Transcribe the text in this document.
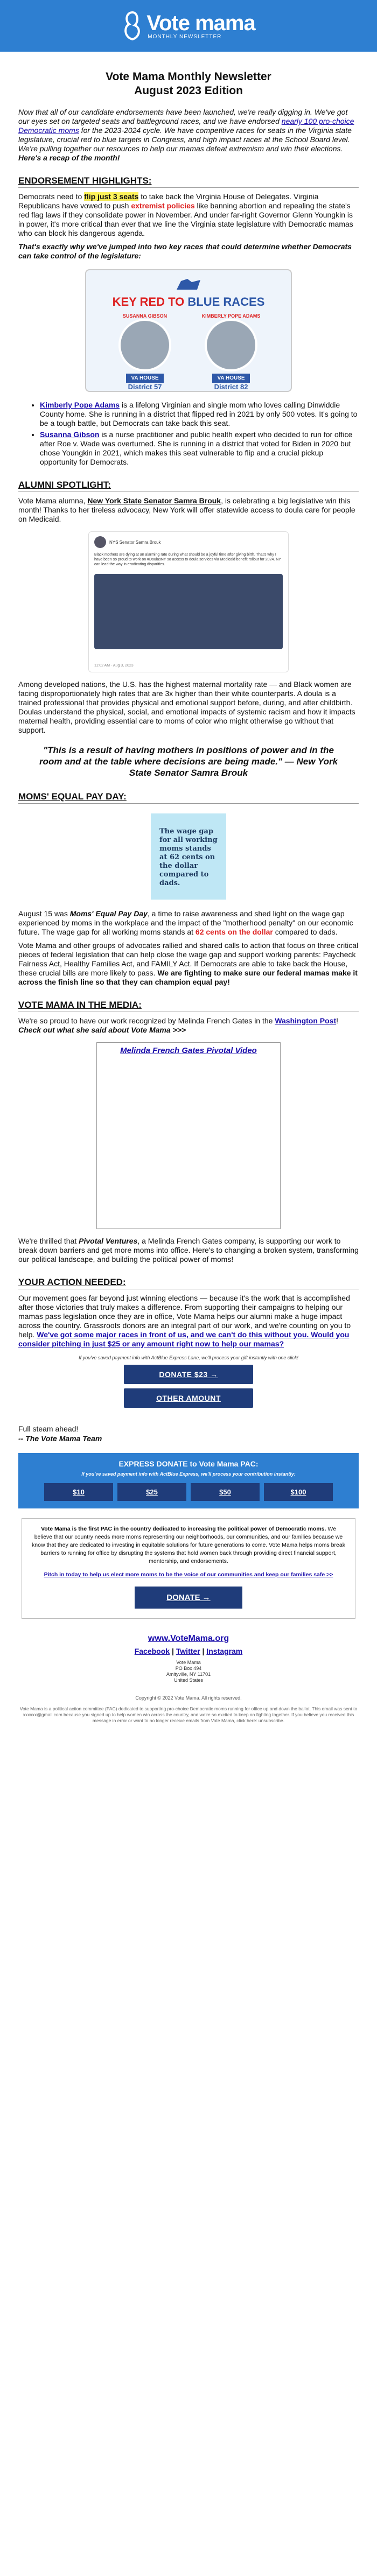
Vote mama
MONTHLY NEWSLETTER
Vote Mama Monthly Newsletter
August 2023 Edition

Now that all of our candidate endorsements have been launched, we're really digging in. We've got our eyes set on targeted seats and battleground races, and we have endorsed nearly 100 pro-choice Democratic moms for the 2023-2024 cycle. We have competitive races for seats in the Virginia state legislature, crucial red to blue targets in Congress, and high impact races at the School Board level. We're pulling together our resources to help our mamas defeat extremism and win their elections. Here's a recap of the month!

ENDORSEMENT HIGHLIGHTS:

Democrats need to flip just 3 seats to take back the Virginia House of Delegates. Virginia Republicans have vowed to push extremist policies like banning abortion and repealing the state's red flag laws if they consolidate power in November. And under far-right Governor Glenn Youngkin is in power, it's more critical than ever that we line the Virginia state legislature with Democratic mamas who can block his dangerous agenda.

That's exactly why we've jumped into two key races that could determine whether Democrats can take control of the legislature:

KEY RED TO BLUE RACES
SUSANNA GIBSON
VA HOUSE
District 57
KIMBERLY POPE ADAMS
VA HOUSE
District 82
• Kimberly Pope Adams is a lifelong Virginian and single mom who loves calling Dinwiddie County home. She is running in a district that flipped red in 2021 by only 500 votes. It's going to be a tough battle, but Democrats can take back this seat.
• Susanna Gibson is a nurse practitioner and public health expert who decided to run for office after Roe v. Wade was overturned. She is running in a district that voted for Biden in 2020 but chose Youngkin in 2021, which makes this seat vulnerable to flip and a crucial pickup opportunity for Democrats.
ALUMNI SPOTLIGHT:

Vote Mama alumna, New York State Senator Samra Brouk, is celebrating a big legislative win this month! Thanks to her tireless advocacy, New York will offer statewide access to doula care for people on Medicaid.

NYS Senator Samra Brouk
Black mothers are dying at an alarming rate during what should be a joyful time after giving birth. That's why I have been so proud to work on #DoulasNY so access to doula services via Medicaid benefit rollout for 2024. NY can lead the way in eradicating disparities.
11:02 AM · Aug 3, 2023

Among developed nations, the U.S. has the highest maternal mortality rate — and Black women are facing disproportionately high rates that are 3x higher than their white counterparts. A doula is a trained professional that provides physical and emotional support before, during, and after childbirth. Doulas understand the physical, social, and emotional impacts of systemic racism and how it impacts maternal health, providing essential care to moms of color who might otherwise go without that support.

"This is a result of having mothers in positions of power and in the room and at the table where decisions are being made." — New York State Senator Samra Brouk
MOMS' EQUAL PAY DAY:
The wage gap for all working moms stands at 62 cents on the dollar compared to dads.

August 15 was Moms' Equal Pay Day, a time to raise awareness and shed light on the wage gap experienced by moms in the workplace and the impact of the "motherhood penalty" on our economic future. The wage gap for all working moms stands at 62 cents on the dollar compared to dads.

Vote Mama and other groups of advocates rallied and shared calls to action that focus on three critical pieces of federal legislation that can help close the wage gap and support working parents: Paycheck Fairness Act, Healthy Families Act, and FAMILY Act. If Democrats are able to take back the House, these crucial bills are more likely to pass. We are fighting to make sure our federal mamas make it across the finish line so that they can champion equal pay!

VOTE MAMA IN THE MEDIA:

We're so proud to have our work recognized by Melinda French Gates in the Washington Post! Check out what she said about Vote Mama >>>

Melinda French Gates Pivotal Video

We're thrilled that Pivotal Ventures, a Melinda French Gates company, is supporting our work to break down barriers and get more moms into office. Here's to changing a broken system, transforming our political landscape, and building the political power of moms!

YOUR ACTION NEEDED:

Our movement goes far beyond just winning elections — because it's the work that is accomplished after those victories that truly makes a difference. From supporting their campaigns to helping our mamas pass legislation once they are in office, Vote Mama helps our alumni make a huge impact across the country. Grassroots donors are an integral part of our work, and we're counting on you to help. We've got some major races in front of us, and we can't do this without you. Would you consider pitching in just $25 or any amount right now to help our mamas?

If you've saved payment info with ActBlue Express Lane, we'll process your gift instantly with one click!
DONATE $23 →
OTHER AMOUNT
Full steam ahead!
-- The Vote Mama Team
EXPRESS DONATE to Vote Mama PAC:
If you've saved payment info with ActBlue Express, we'll process your contribution instantly:
$10	$25	$50	$100

Vote Mama is the first PAC in the country dedicated to increasing the political power of Democratic moms. We believe that our country needs more moms representing our neighborhoods, our communities, and our families because we know that they are dedicated to investing in equitable solutions for future generations to come. Vote Mama helps moms break barriers to running for office by disrupting the systems that hold women back through providing direct financial support, mentorship, and endorsements.

Pitch in today to help us elect more moms to be the voice of our communities and keep our families safe >>
DONATE →
www.VoteMama.org
Facebook | Twitter | Instagram
Vote Mama
PO Box 494
Amityville, NY 11701
United States
Copyright © 2022 Vote Mama. All rights reserved.
Vote Mama is a political action committee (PAC) dedicated to supporting pro-choice Democratic moms running for office up and down the ballot. This email was sent to xxxxxx@gmail.com because you signed up to help women win across the country, and we're so excited to keep on fighting together. If you believe you received this message in error or want to no longer receive emails from Vote Mama, click here: unsubscribe.
